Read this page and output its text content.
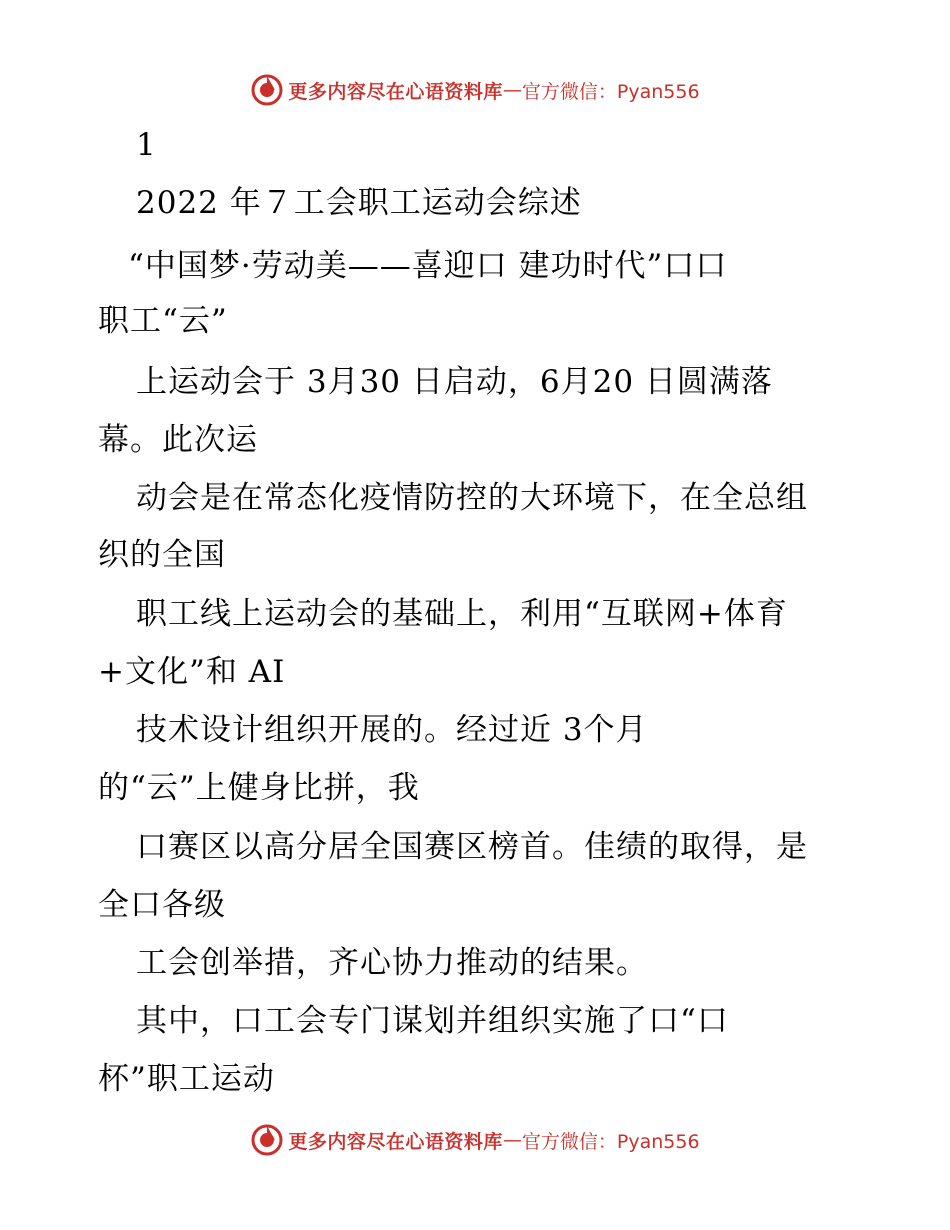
更多内容尽在心语资料库 — 官方微信：Pyan556
1
2022 年７工会职工运动会综述
“中国梦·劳动美——喜迎口 建功时代”口口
职工“云”
上运动会于 3月30 日启动，6月20 日圆满落
幕。此次运
动会是在常态化疫情防控的大环境下，在全总组
织的全国
职工线上运动会的基础上，利用“互联网+体育
+文化”和 AI
技术设计组织开展的。经过近 3个月
的“云”上健身比拼，我
口赛区以高分居全国赛区榜首。佳绩的取得，是
全口各级
工会创举措，齐心协力推动的结果。
其中，口工会专门谋划并组织实施了口“口
杯”职工运动
更多内容尽在心语资料库 — 官方微信：Pyan556
